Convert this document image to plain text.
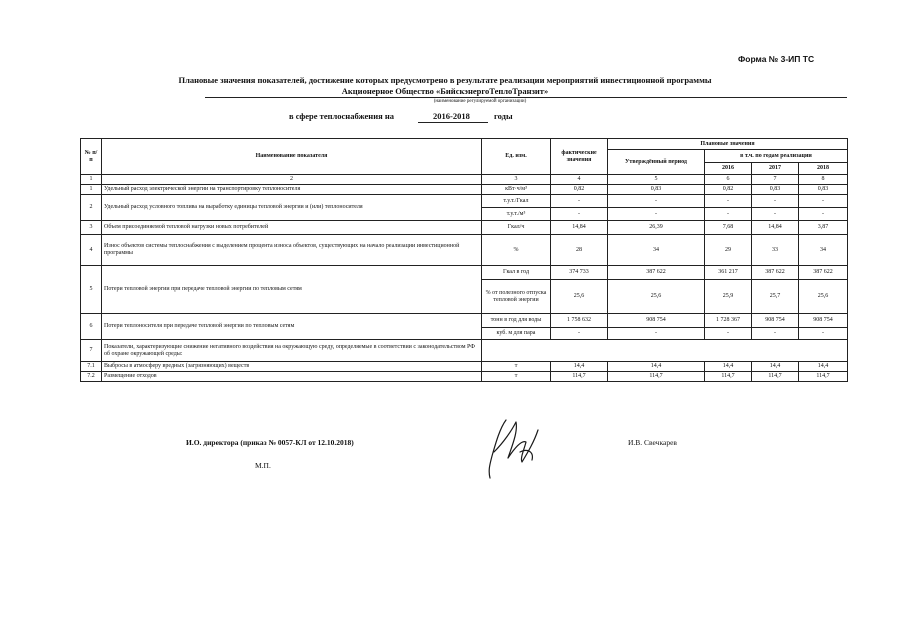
Форма № 3-ИП ТС
Плановые значения показателей, достижение которых предусмотрено в результате реализации мероприятий инвестиционной программы
Акционерное Общество «БийскэнергоТеплоТранзит»
(наименование регулируемой организации)
в сфере теплоснабжения на	2016-2018	годы
№ п/п	Наименование показателя	Ед. изм.	фактические значения	Плановые значения			
				Утверждённый период	в т.ч. по годам реализации		
					2016	2017	2018
1	2	3	4	5	6	7	8
1	Удельный расход электрической энергии на транспортировку теплоносителя	кВт·ч/м³	0,82	0,83	0,82	0,83	0,83
2	Удельный расход условного топлива на выработку единицы тепловой энергии и (или) теплоносителя	т.у.т./Гкал	-	-	-	-	-
		т.у.т./м³	-	-	-	-	-
3	Объем присоединяемой тепловой нагрузки новых потребителей	Гкал/ч	14,84	26,39	7,68	14,84	3,87
4	Износ объектов системы теплоснабжения с выделением процента износа объектов, существующих на начало реализации инвестиционной программы	%	28	34	29	33	34
5	Потери тепловой энергии при передаче тепловой энергии по тепловым сетям	Гкал в год	374 733	387 622	361 217	387 622	387 622
		% от полезного отпуска тепловой энергии	25,6	25,6	25,9	25,7	25,6
6	Потери теплоносителя при передаче тепловой энергии по тепловым сетям	тонн в год для воды	1 758 632	908 754	1 728 367	908 754	908 754
		куб. м для пара	-	-	-	-	-
7	Показатели, характеризующие снижение негативного воздействия на окружающую среду, определяемые в соответствии с законодательством РФ об охране окружающей среды:						
7.1	Выбросы в атмосферу вредных (загрязняющих) веществ	т	14,4	14,4	14,4	14,4	14,4
7.2	Размещение отходов	т	114,7	114,7	114,7	114,7	114,7
И.О. директора (приказ № 0057-КЛ от 12.10.2018)
М.П.
И.В. Свечкарев
